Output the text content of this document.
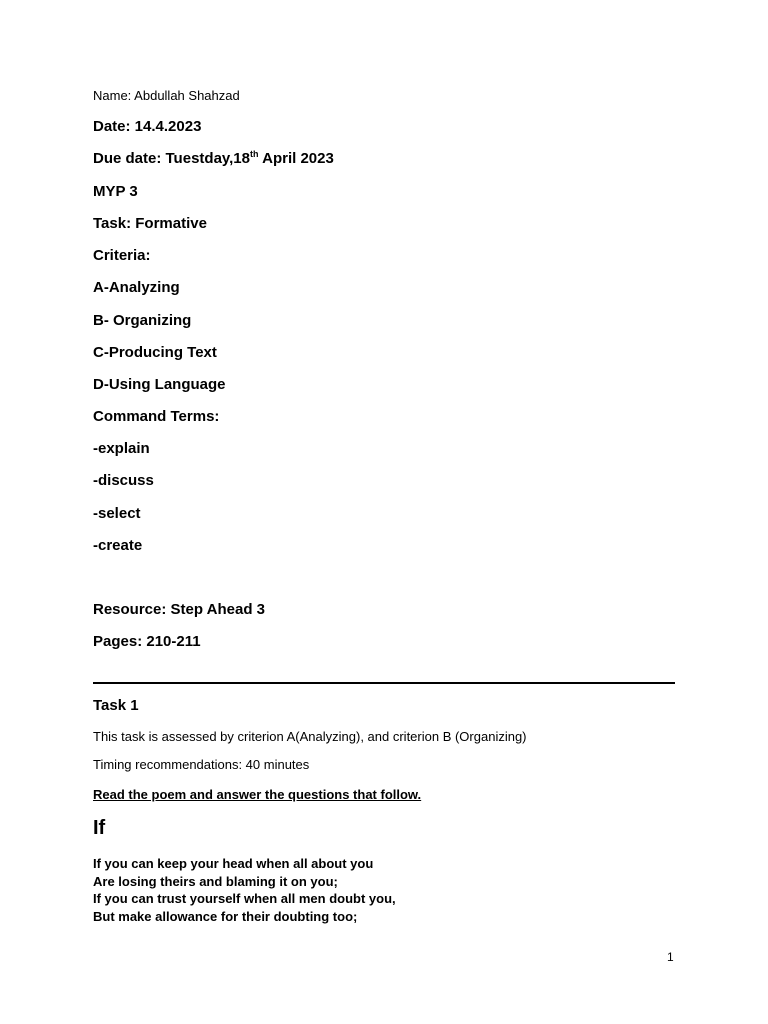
Name: Abdullah Shahzad
Date: 14.4.2023
Due date: Tuestday,18th April 2023
MYP 3
Task: Formative
Criteria:
A-Analyzing
B- Organizing
C-Producing Text
D-Using Language
Command Terms:
-explain
-discuss
-select
-create
Resource: Step Ahead 3
Pages: 210-211
Task 1
This task is assessed by criterion A(Analyzing), and criterion B (Organizing)
Timing recommendations: 40 minutes
Read the poem and answer the questions that follow.
If
If you can keep your head when all about you
Are losing theirs and blaming it on you;
If you can trust yourself when all men doubt you,
But make allowance for their doubting too;
1
